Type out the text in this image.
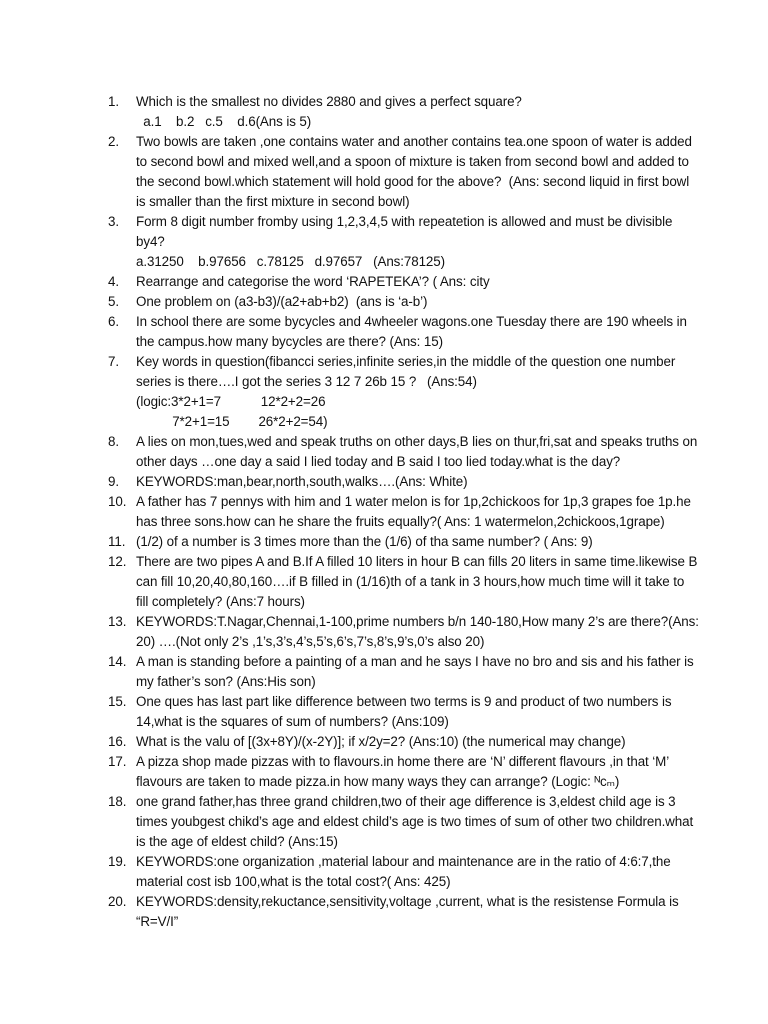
1.	Which is the smallest no divides 2880 and gives a perfect square?
a.1    b.2   c.5    d.6(Ans is 5)
2.	Two bowls are taken ,one contains water and another contains tea.one spoon of water is added
to second bowl and mixed well,and a spoon of mixture is taken from second bowl and added to
the second bowl.which statement will hold good for the above?  (Ans: second liquid in first bowl
is smaller than the first mixture in second bowl)
3.	Form 8 digit number fromby using 1,2,3,4,5 with repeatetion is allowed and must be divisible
by4?
a.31250    b.97656   c.78125   d.97657   (Ans:78125)
4.	Rearrange and categorise the word ‘RAPETEKA’? ( Ans: city
5.	One problem on (a3-b3)/(a2+ab+b2)  (ans is ‘a-b’)
6.	In school there are some bycycles and 4wheeler wagons.one Tuesday there are 190 wheels in
the campus.how many bycycles are there? (Ans: 15)
7.	Key words in question(fibancci series,infinite series,in the middle of the question one number
series is there….I got the series 3 12 7 26b 15 ?   (Ans:54)
(logic:3*2+1=7           12*2+2=26
7*2+1=15        26*2+2=54)
8.	A lies on mon,tues,wed and speak truths on other days,B lies on thur,fri,sat and speaks truths on
other days …one day a said I lied today and B said I too lied today.what is the day?
9.	KEYWORDS:man,bear,north,south,walks….(Ans: White)
10. A father has 7 pennys with him and 1 water melon is for 1p,2chickoos for 1p,3 grapes foe 1p.he
has three sons.how can he share the fruits equally?( Ans: 1 watermelon,2chickoos,1grape)
11. (1/2) of a number is 3 times more than the (1/6) of tha same number? ( Ans: 9)
12. There are two pipes A and B.If A filled 10 liters in hour B can fills 20 liters in same time.likewise B
can fill 10,20,40,80,160….if B filled in (1/16)th of a tank in 3 hours,how much time will it take to
fill completely? (Ans:7 hours)
13. KEYWORDS:T.Nagar,Chennai,1-100,prime numbers b/n 140-180,How many 2’s are there?(Ans:
20) ….(Not only 2’s ,1’s,3’s,4’s,5’s,6’s,7’s,8’s,9’s,0’s also 20)
14. A man is standing before a painting of a man and he says I have no bro and sis and his father is
my father’s son? (Ans:His son)
15. One ques has last part like difference between two terms is 9 and product of two numbers is
14,what is the squares of sum of numbers? (Ans:109)
16. What is the valu of [(3x+8Y)/(x-2Y)]; if x/2y=2? (Ans:10) (the numerical may change)
17. A pizza shop made pizzas with to flavours.in home there are ‘N’ different flavours ,in that ‘M’
flavours are taken to made pizza.in how many ways they can arrange? (Logic: ᴺᴄₘ)
18. one grand father,has three grand children,two of their age difference is 3,eldest child age is 3
times youbgest chikd’s age and eldest child’s age is two times of sum of other two children.what
is the age of eldest child? (Ans:15)
19. KEYWORDS:one organization ,material labour and maintenance are in the ratio of 4:6:7,the
material cost isb 100,what is the total cost?( Ans: 425)
20. KEYWORDS:density,rekuctance,sensitivity,voltage ,current, what is the resistense Formula is
“R=V/I”
